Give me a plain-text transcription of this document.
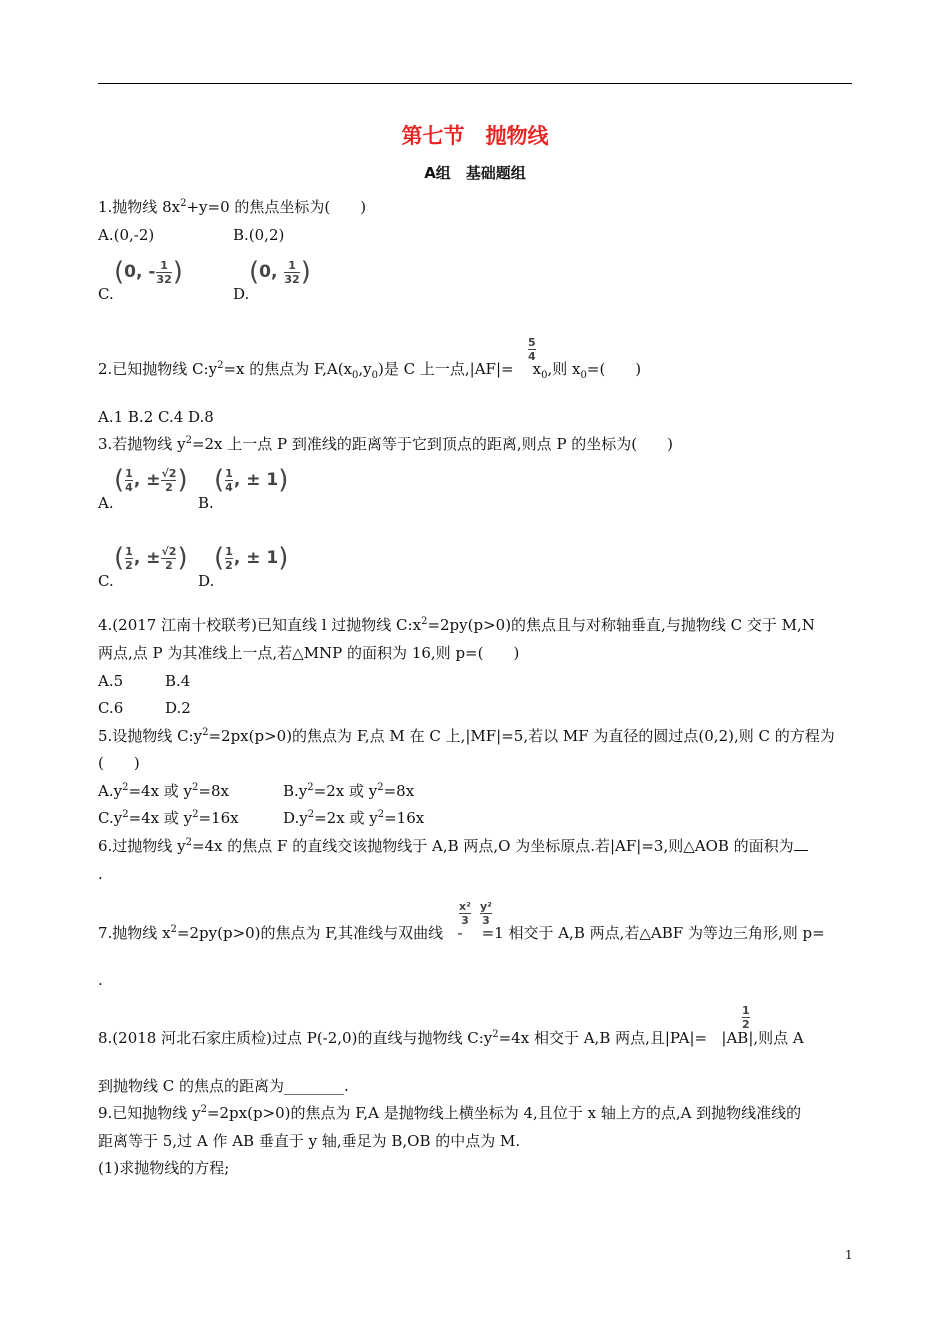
第七节　抛物线
A组　基础题组
1.抛物线 $8x^2+y=0$ 的焦点坐标为(　　)
A.(0,-2)	B.(0,2)
C.
(0, - $\frac{1}{32}$ )
D.
(0, $\frac{1}{32}$ )
5
4
2.已知抛物线 $C:y^2=x$ 的焦点为 $F,A(x_0,y_0)$是 C 上一点,|AF|=    $x_0$,则 $x_0=$(　　)
A.1 B.2 C.4 D.8
3.若抛物线 $y^2=2x$ 上一点 P 到准线的距离等于它到顶点的距离,则点 P 的坐标为(　　)
A.
( $\frac{1}{4}$ , ± $\frac{√2}{2}$ )
B.
( $\frac{1}{4}$ , ± 1)
C.
( $\frac{1}{2}$ , ± $\frac{√2}{2}$ )
D.
( $\frac{1}{2}$ , ± 1)
4.(2017 江南十校联考)已知直线 l 过抛物线 $C:x^2=2py(p>0)$的焦点且与对称轴垂直,与抛物线 C 交于 M,N
两点,点 P 为其准线上一点,若△MNP 的面积为 16,则 p=(　　)
A.5	B.4
C.6	D.2
5.设抛物线 $C:y^2=2px(p>0)$的焦点为 F,点 M 在 C 上,|MF|=5,若以 MF 为直径的圆过点(0,2),则 C 的方程为
(　　)
$A.y^2=4x$ 或 $y^2=8x$	$B.y^2=2x$ 或 $y^2=8x$
$C.y^2=4x$ 或 $y^2=16x$	$D.y^2=2x$ 或 $y^2=16x$
6.过抛物线 $y^2=4x$ 的焦点 F 的直线交该抛物线于 A,B 两点,O 为坐标原点.若|AF|=3,则△AOB 的面积为
.
x²
3
y²
3
7.抛物线 $x^2=2py(p>0)$的焦点为 F,其准线与双曲线   -    =1 相交于 A,B 两点,若△ABF 为等边三角形,则 p=
.
1
2
8.(2018 河北石家庄质检)过点 P(-2,0)的直线与抛物线 $C:y^2=4x$ 相交于 A,B 两点,且|PA|=   |AB|,则点 A
到抛物线 C 的焦点的距离为________.
9.已知抛物线 $y^2=2px(p>0)$的焦点为 F,A 是抛物线上横坐标为 4,且位于 x 轴上方的点,A 到抛物线准线的
距离等于 5,过 A 作 AB 垂直于 y 轴,垂足为 B,OB 的中点为 M.
(1)求抛物线的方程;
1
